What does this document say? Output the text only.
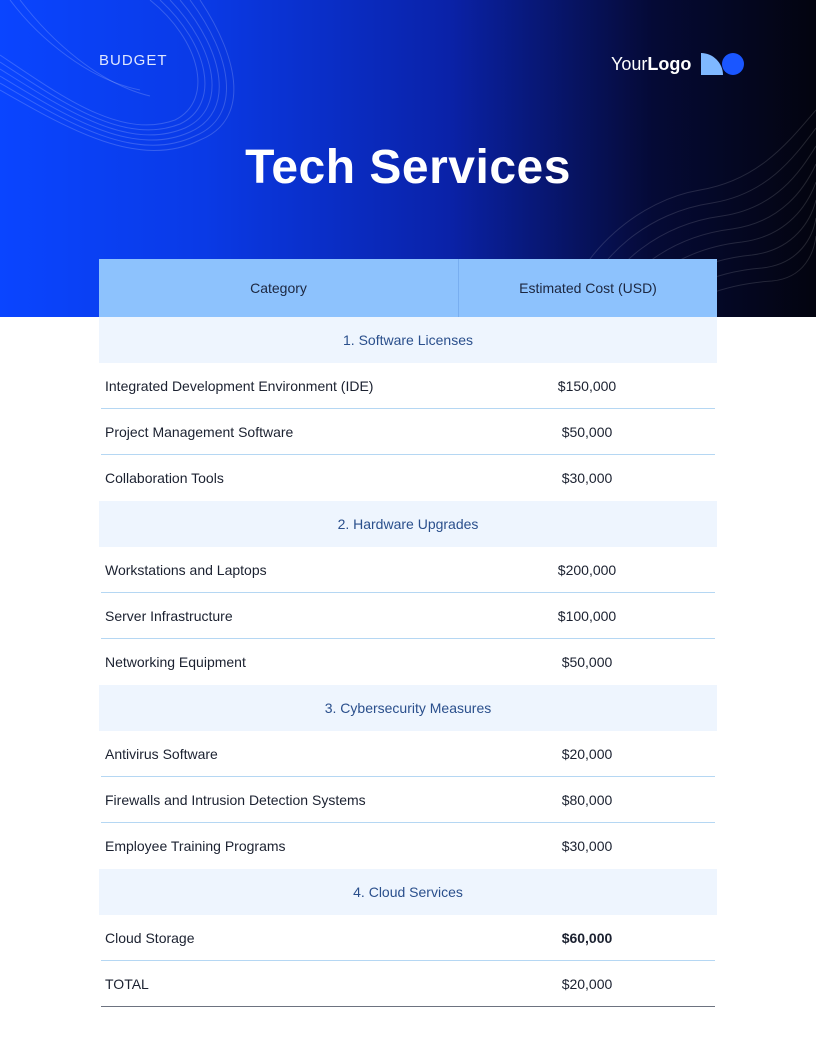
BUDGET	YourLogo
Tech Services
Category	Estimated Cost (USD)
1. Software Licenses
Integrated Development Environment (IDE)	$150,000
Project Management Software	$50,000
Collaboration Tools	$30,000
2. Hardware Upgrades
Workstations and Laptops	$200,000
Server Infrastructure	$100,000
Networking Equipment	$50,000
3. Cybersecurity Measures
Antivirus Software	$20,000
Firewalls and Intrusion Detection Systems	$80,000
Employee Training Programs	$30,000
4. Cloud Services
Cloud Storage	$60,000
TOTAL	$20,000
